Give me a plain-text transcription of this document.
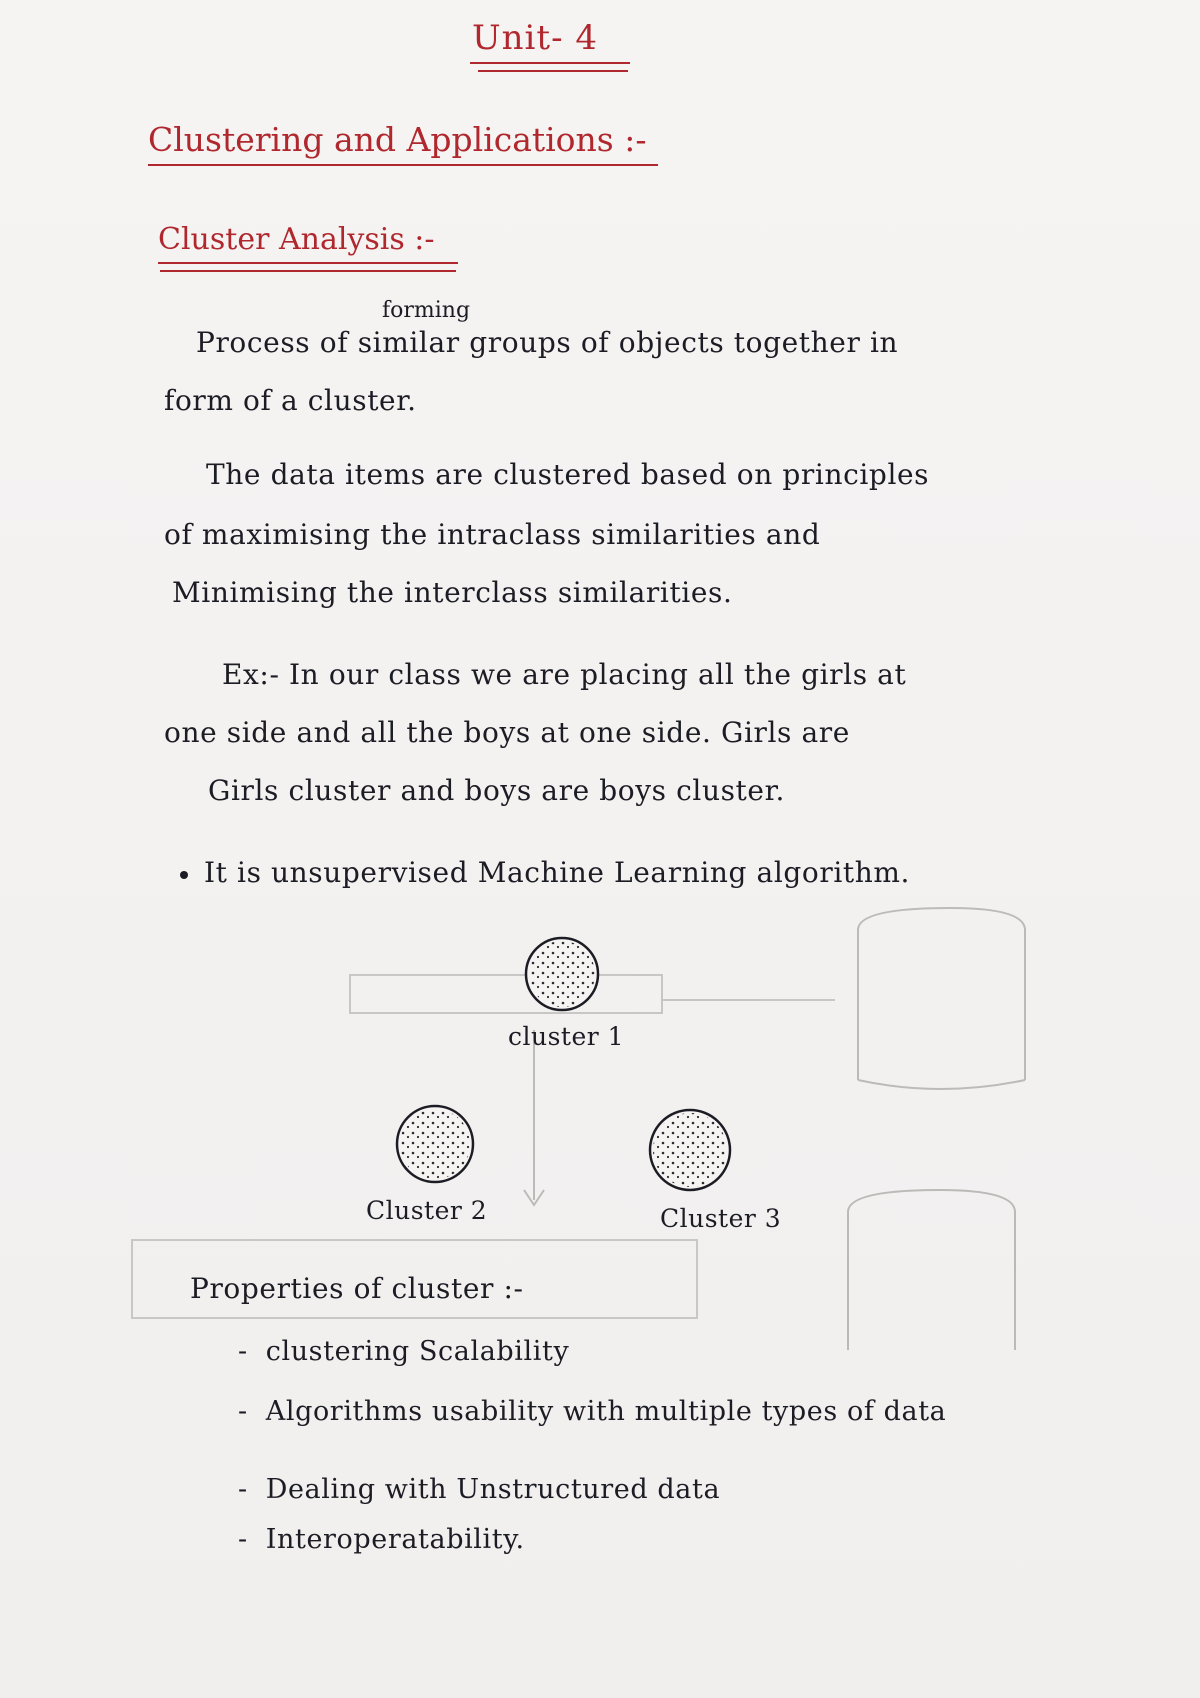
Unit- 4
Clustering and Applications :-
Cluster Analysis :-
forming
Process of similar groups of objects together in
form of a cluster.
The data items are clustered based on principles
of maximising the intraclass similarities and
Minimising the interclass similarities.
Ex:- In our class we are placing all the girls at
one side and all the boys at one side. Girls are
Girls cluster and boys are boys cluster.
It is unsupervised Machine Learning algorithm.
cluster 1
Cluster 2	Cluster 3
Properties of cluster :-
- clustering Scalability
- Algorithms usability with multiple types of data
- Dealing with Unstructured data
- Interoperatability.
